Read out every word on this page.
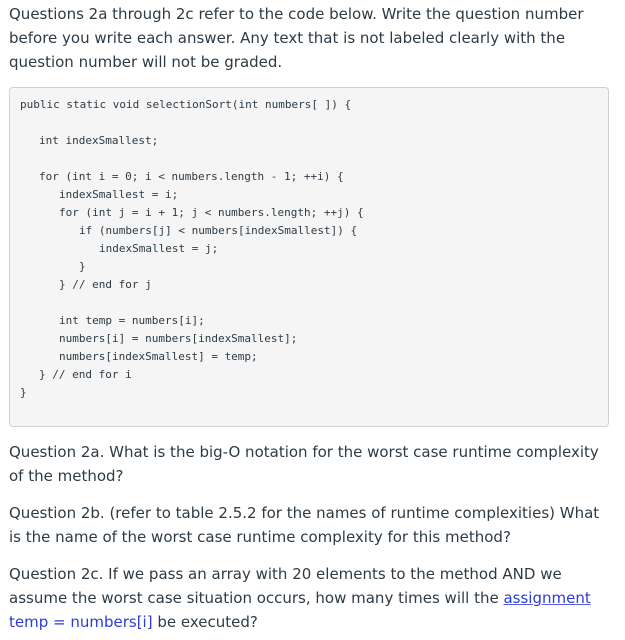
Questions 2a through 2c refer to the code below. Write the question number before you write each answer. Any text that is not labeled clearly with the question number will not be graded.

public static void selectionSort(int numbers[ ]) {
int indexSmallest;
for (int i = 0; i < numbers.length - 1; ++i) {
indexSmallest = i;
for (int j = i + 1; j < numbers.length; ++j) {
if (numbers[j] < numbers[indexSmallest]) {
indexSmallest = j;
}
} // end for j
int temp = numbers[i];
numbers[i] = numbers[indexSmallest];
numbers[indexSmallest] = temp;
} // end for i
}

Question 2a. What is the big-O notation for the worst case runtime complexity of the method?

Question 2b. (refer to table 2.5.2 for the names of runtime complexities) What is the name of the worst case runtime complexity for this method?

Question 2c. If we pass an array with 20 elements to the method AND we assume the worst case situation occurs, how many times will the assignment temp = numbers[i] be executed?
